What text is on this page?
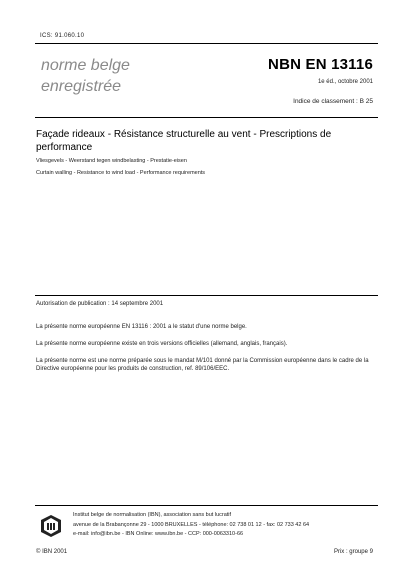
ICS: 91.060.10
norme belge
enregistrée
NBN EN 13116
1e éd., octobre 2001
Indice de classement : B 25
Façade rideaux - Résistance structurelle au vent - Prescriptions de performance
Vliesgevels - Weerstand tegen windbelasting - Prestatie-eisen
Curtain walling - Resistance to wind load - Performance requirements
Autorisation de publication : 14 septembre 2001
La présente norme européenne EN 13116 : 2001 a le statut d'une norme belge.
La présente norme européenne existe en trois versions officielles (allemand, anglais, français).
La présente norme est une norme préparée sous le mandat M/101 donné par la Commission européenne dans le cadre de la Directive européenne pour les produits de construction, ref. 89/106/EEC.
Institut belge de normalisation (IBN), association sans but lucratif
avenue de la Brabançonne 29 - 1000 BRUXELLES - téléphone: 02 738 01 12 - fax: 02 733 42 64
e-mail: info@ibn.be - IBN Online: www.ibn.be - CCP: 000-0063310-66
© IBN 2001	Prix : groupe 9
